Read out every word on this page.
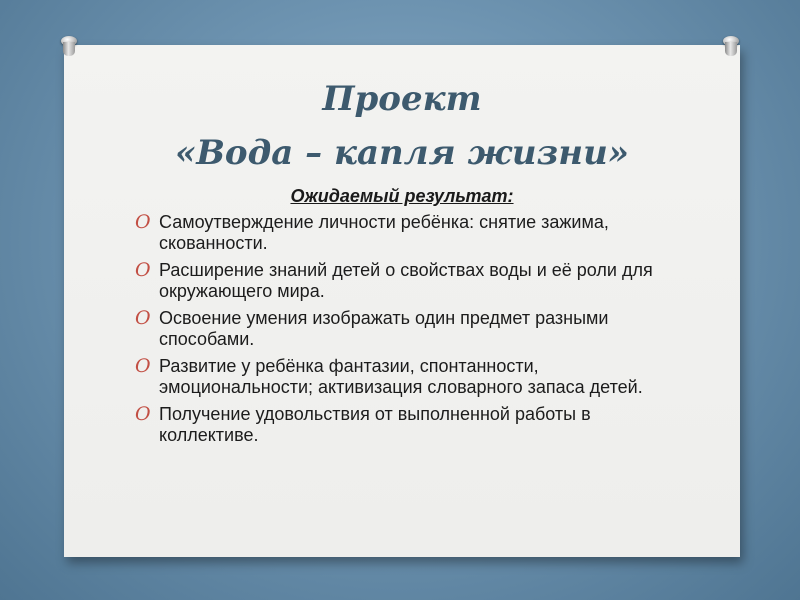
Проект
«Вода – капля жизни»
Ожидаемый результат:
O Самоутверждение личности ребёнка: снятие зажима, скованности.
O Расширение знаний детей о свойствах воды и её роли для окружающего мира.
O Освоение умения изображать один предмет разными способами.
O Развитие у ребёнка фантазии, спонтанности, эмоциональности; активизация словарного запаса детей.
O Получение удовольствия от выполненной работы в коллективе.
